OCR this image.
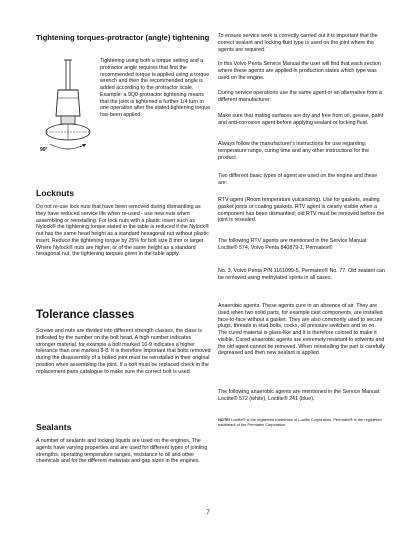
Tightening torques-protractor (angle) tightening
90°

Tightening using both a torque setting and a protractor angle requires that first the recommended torque is applied using a torque wrench and then the recommended angle is added according to the protractor scale. Example: a 9Q0 protractor tightening means that the joint is tightened a further 1/4 turn in one operation after the stated tightening torque has been applied.

Locknuts

Do not re-use lock nuts that have been removed during dismantling as they have reduced service life when re-used - use new nuts when assembling or reinstalling. For lock nuts with a plastic insert such as Nylock® the tightening torque stated in the table is reduced if the Nylock® nut has the same head height as a standard hexagonal nut without plastic insert. Reduce the tightening torque by 25% for bolt size 8 mm or larger. Where Nylock® nuts are higher, or of the same height as a standard hexagonal nut, the tightening torques given in the table apply.

Tolerance classes

Screws and nuts are divided into different strength classes, the class is indicated by the number on the bolt head. A high number indicates stronger material, for example a bolt marked 10-9 indicates a higher tolerance than one marked 8-8. It is therefore important that bolts removed during the disassembly of a bolted joint must be reinstalled in their original position when assembling the joint. If a bolt must be replaced check in the replacement parts catalogue to make sure the correct bolt is used.

Sealants

A number of sealants and locking liquids are used on the engines. The agents have varying properties and are used for different types of jointing strengths, operating temperature ranges, resistance to oil and other chemicals and for the different materials and gap sizes in the engines.

To ensure service work is correctly carried out it is important that the correct sealant and locking fluid type is used on the joint where the agents are required.

In this Volvo Penta Service Manual the user will find that each section where these agents are applied in production states which type was used on the engine.

During service operations use the same agent or an alternative from a different manufacturer.

Make sure that mating surfaces are dry and free from oil, grease, paint and anti-corrosion agent before applying sealant or locking fluid.

Always follow the manufacturer's instructions for use regarding; temperature range, curing time and any other instructions for the product.

Two different basic types of agent are used on the engine and these are:

RTV agent (Room temperature vulcanizing). Use for gaskets, sealing gasket joints or coating gaskets. RTV agent is clearly visible when a component has been dismantled; old RTV must be removed before the joint is resealed.

The following RTV agents are mentioned in the Service Manual: Loctite® 574, Volvo Penta 840879-1, Permatex®

No. 3, Volvo Penta P/N 1161099-5, Permatex® No. 77. Old sealant can be removed using methylated spirits in all cases.

Anaerobic agents. These agents cure in an absence of air. They are used when two solid parts, for example cast components, are installed face-to-face without a gasket. They are also commonly used to secure plugs, threads in stud bolts, cocks, oil pressure switches and so on. The cured material is glass-like and it is therefore colored to make it visible. Cured anaerobic agents are extremely resistant to solvents and the old agent cannot be removed. When reinstalling the part is carefully degreased and then new sealant is applied.

The following anaerobic agents are mentioned in the Service Manual: Loctite® 572 (white), Loctite® 241 (blue).

NOTE! Loctite® is the registered trademark of Loctite Corporation, Permatex® is the registered trademark of the Permatex Corporation.

7
